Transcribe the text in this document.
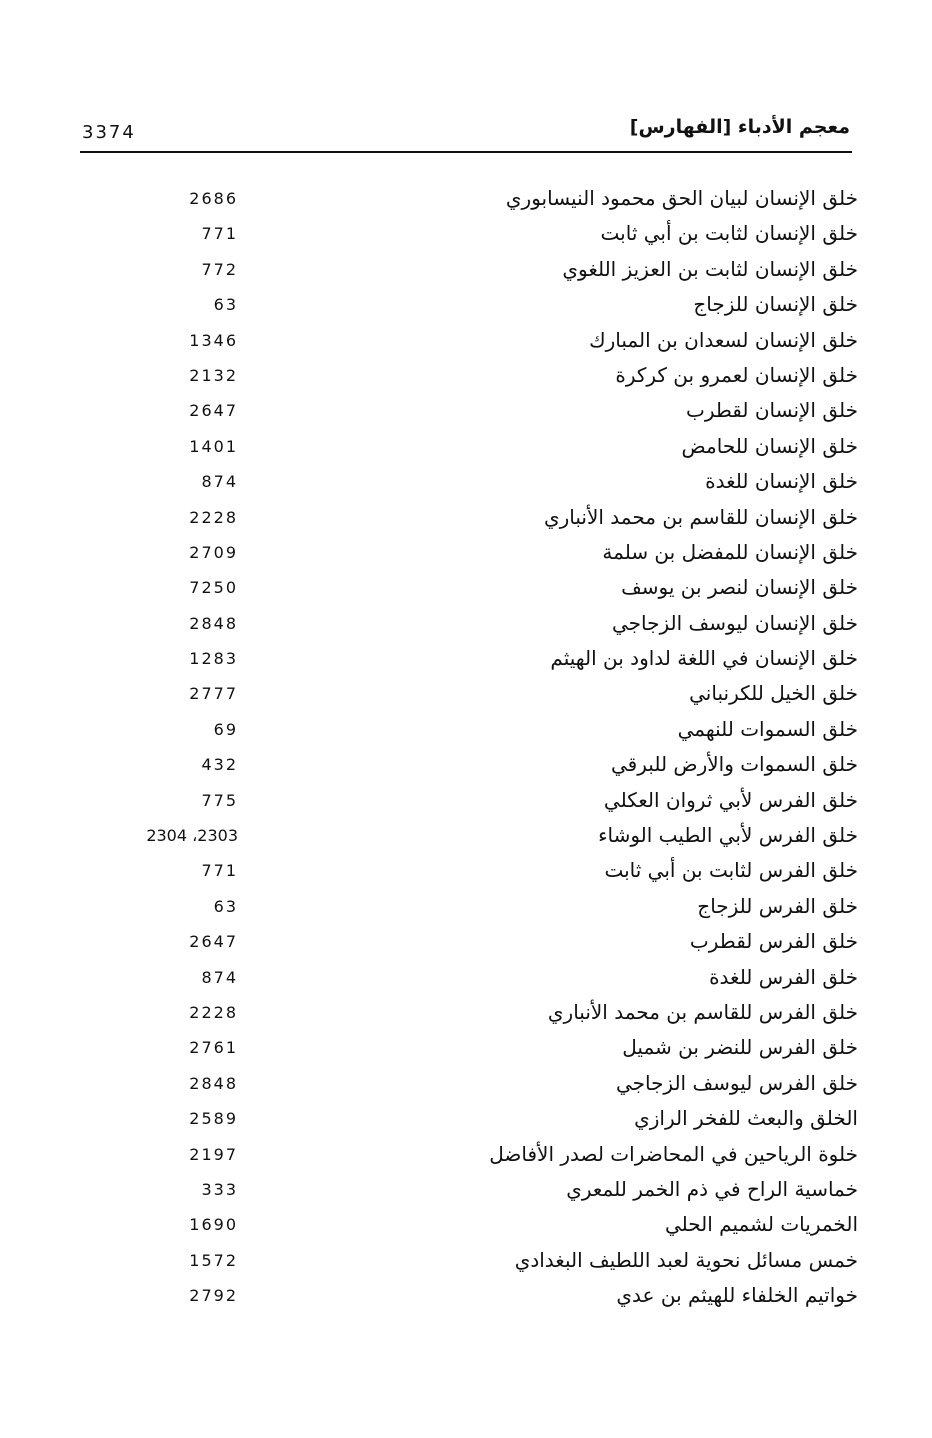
معجم الأدباء [الفهارس]
3374
خلق الإنسان لبيان الحق محمود النيسابوري
2686
خلق الإنسان لثابت بن أبي ثابت
771
خلق الإنسان لثابت بن العزيز اللغوي
772
خلق الإنسان للزجاج
63
خلق الإنسان لسعدان بن المبارك
1346
خلق الإنسان لعمرو بن كركرة
2132
خلق الإنسان لقطرب
2647
خلق الإنسان للحامض
1401
خلق الإنسان للغدة
874
خلق الإنسان للقاسم بن محمد الأنباري
2228
خلق الإنسان للمفضل بن سلمة
2709
خلق الإنسان لنصر بن يوسف
7250
خلق الإنسان ليوسف الزجاجي
2848
خلق الإنسان في اللغة لداود بن الهيثم
1283
خلق الخيل للكرنباني
2777
خلق السموات للنهمي
69
خلق السموات والأرض للبرقي
432
خلق الفرس لأبي ثروان العكلي
775
خلق الفرس لأبي الطيب الوشاء
2304 ،2303
خلق الفرس لثابت بن أبي ثابت
771
خلق الفرس للزجاج
63
خلق الفرس لقطرب
2647
خلق الفرس للغدة
874
خلق الفرس للقاسم بن محمد الأنباري
2228
خلق الفرس للنضر بن شميل
2761
خلق الفرس ليوسف الزجاجي
2848
الخلق والبعث للفخر الرازي
2589
خلوة الرياحين في المحاضرات لصدر الأفاضل
2197
خماسية الراح في ذم الخمر للمعري
333
الخمريات لشميم الحلي
1690
خمس مسائل نحوية لعبد اللطيف البغدادي
1572
خواتيم الخلفاء للهيثم بن عدي
2792
